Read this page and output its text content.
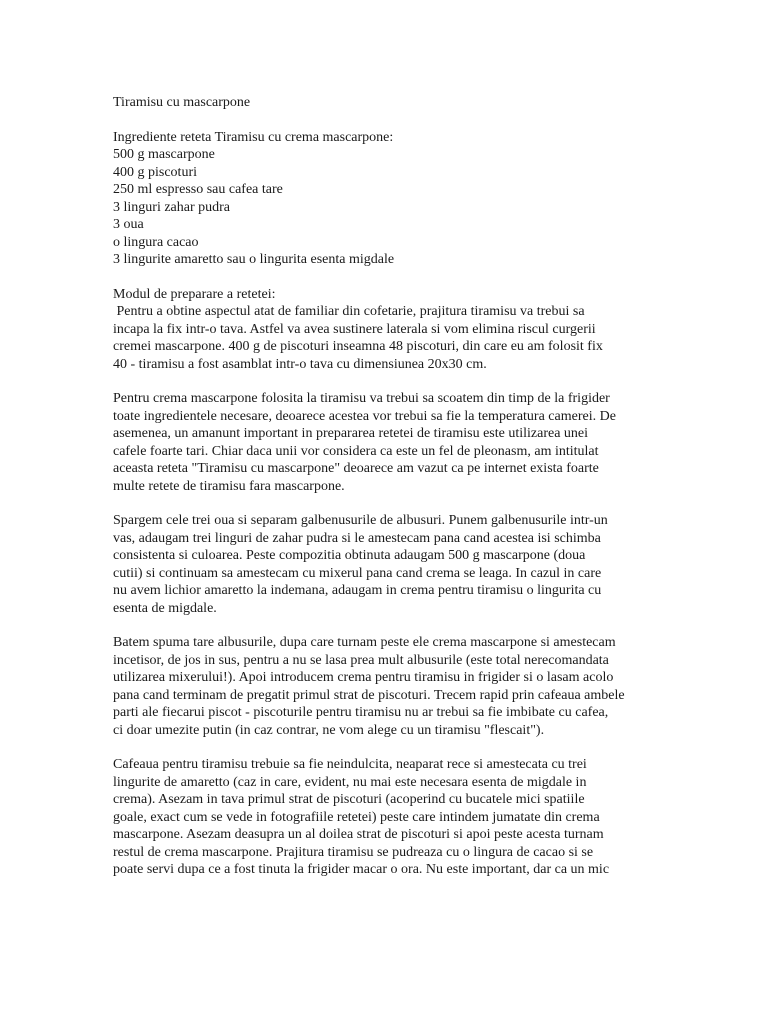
Tiramisu cu mascarpone
Ingrediente reteta Tiramisu cu crema mascarpone:
500 g mascarpone
400 g piscoturi
250 ml espresso sau cafea tare
3 linguri zahar pudra
3 oua
o lingura cacao
3 lingurite amaretto sau o lingurita esenta migdale
Modul de preparare a retetei:
Pentru a obtine aspectul atat de familiar din cofetarie, prajitura tiramisu va trebui sa
incapa la fix intr-o tava. Astfel va avea sustinere laterala si vom elimina riscul curgerii
cremei mascarpone. 400 g de piscoturi inseamna 48 piscoturi, din care eu am folosit fix
40 - tiramisu a fost asamblat intr-o tava cu dimensiunea 20x30 cm.
Pentru crema mascarpone folosita la tiramisu va trebui sa scoatem din timp de la frigider
toate ingredientele necesare, deoarece acestea vor trebui sa fie la temperatura camerei. De
asemenea, un amanunt important in prepararea retetei de tiramisu este utilizarea unei
cafele foarte tari. Chiar daca unii vor considera ca este un fel de pleonasm, am intitulat
aceasta reteta "Tiramisu cu mascarpone" deoarece am vazut ca pe internet exista foarte
multe retete de tiramisu fara mascarpone.
Spargem cele trei oua si separam galbenusurile de albusuri. Punem galbenusurile intr-un
vas, adaugam trei linguri de zahar pudra si le amestecam pana cand acestea isi schimba
consistenta si culoarea. Peste compozitia obtinuta adaugam 500 g mascarpone (doua
cutii) si continuam sa amestecam cu mixerul pana cand crema se leaga. In cazul in care
nu avem lichior amaretto la indemana, adaugam in crema pentru tiramisu o lingurita cu
esenta de migdale.
Batem spuma tare albusurile, dupa care turnam peste ele crema mascarpone si amestecam
incetisor, de jos in sus, pentru a nu se lasa prea mult albusurile (este total nerecomandata
utilizarea mixerului!). Apoi introducem crema pentru tiramisu in frigider si o lasam acolo
pana cand terminam de pregatit primul strat de piscoturi. Trecem rapid prin cafeaua ambele
parti ale fiecarui piscot - piscoturile pentru tiramisu nu ar trebui sa fie imbibate cu cafea,
ci doar umezite putin (in caz contrar, ne vom alege cu un tiramisu "flescait").
Cafeaua pentru tiramisu trebuie sa fie neindulcita, neaparat rece si amestecata cu trei
lingurite de amaretto (caz in care, evident, nu mai este necesara esenta de migdale in
crema). Asezam in tava primul strat de piscoturi (acoperind cu bucatele mici spatiile
goale, exact cum se vede in fotografiile retetei) peste care intindem jumatate din crema
mascarpone. Asezam deasupra un al doilea strat de piscoturi si apoi peste acesta turnam
restul de crema mascarpone. Prajitura tiramisu se pudreaza cu o lingura de cacao si se
poate servi dupa ce a fost tinuta la frigider macar o ora. Nu este important, dar ca un mic
